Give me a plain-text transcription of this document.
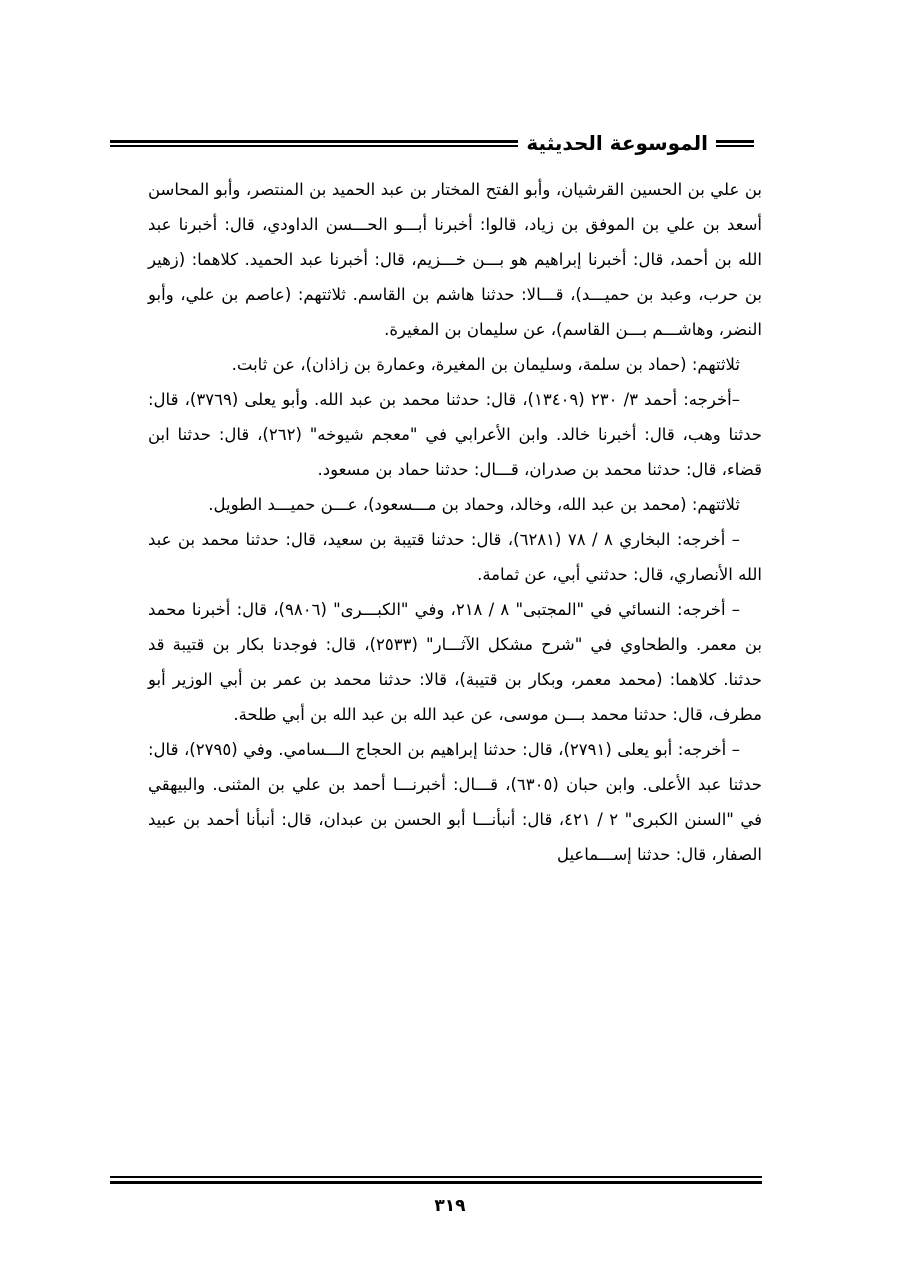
الموسوعة الحديثية

بن علي بن الحسين القرشيان، وأبو الفتح المختار بن عبد الحميد بن المنتصر، وأبو المحاسن أسعد بن علي بن الموفق بن زياد، قالوا: أخبرنا أبـــو الحـــسن الداودي، قال: أخبرنا عبد الله بن أحمد، قال: أخبرنا إبراهيم هو بـــن خـــزيم، قال: أخبرنا عبد الحميد. كلاهما: (زهير بن حرب، وعبد بن حميـــد)، قـــالا: حدثنا هاشم بن القاسم. ثلاثتهم: (عاصم بن علي، وأبو النضر، وهاشـــم بـــن القاسم)، عن سليمان بن المغيرة.

ثلاثتهم: (حماد بن سلمة، وسليمان بن المغيرة، وعمارة بن زاذان)، عن ثابت.

–أخرجه: أحمد ٣/ ٢٣٠ (١٣٤٠٩)، قال: حدثنا محمد بن عبد الله. وأبو يعلى (٣٧٦٩)، قال: حدثنا وهب، قال: أخبرنا خالد. وابن الأعرابي في "معجم شيوخه" (٢٦٢)، قال: حدثنا ابن قضاء، قال: حدثنا محمد بن صدران، قـــال: حدثنا حماد بن مسعود.

ثلاثتهم: (محمد بن عبد الله، وخالد، وحماد بن مـــسعود)، عـــن حميـــد الطويل.

– أخرجه: البخاري ٨ / ٧٨ (٦٢٨١)، قال: حدثنا قتيبة بن سعيد، قال: حدثنا محمد بن عبد الله الأنصاري، قال: حدثني أبي، عن ثمامة.

– أخرجه: النسائي في "المجتبى" ٨ / ٢١٨، وفي "الكبـــرى" (٩٨٠٦)، قال: أخبرنا محمد بن معمر. والطحاوي في "شرح مشكل الآثـــار" (٢٥٣٣)، قال: فوجدنا بكار بن قتيبة قد حدثنا. كلاهما: (محمد معمر، وبكار بن قتيبة)، قالا: حدثنا محمد بن عمر بن أبي الوزير أبو مطرف، قال: حدثنا محمد بـــن موسى، عن عبد الله بن عبد الله بن أبي طلحة.

– أخرجه: أبو يعلى (٢٧٩١)، قال: حدثنا إبراهيم بن الحجاج الـــسامي. وفي (٢٧٩٥)، قال: حدثنا عبد الأعلى. وابن حبان (٦٣٠٥)، قـــال: أخبرنـــا أحمد بن علي بن المثنى. والبيهقي في "السنن الكبرى" ٢ / ٤٢١، قال: أنبأنـــا أبو الحسن بن عبدان، قال: أنبأنا أحمد بن عبيد الصفار، قال: حدثنا إســـماعيل

٣١٩
